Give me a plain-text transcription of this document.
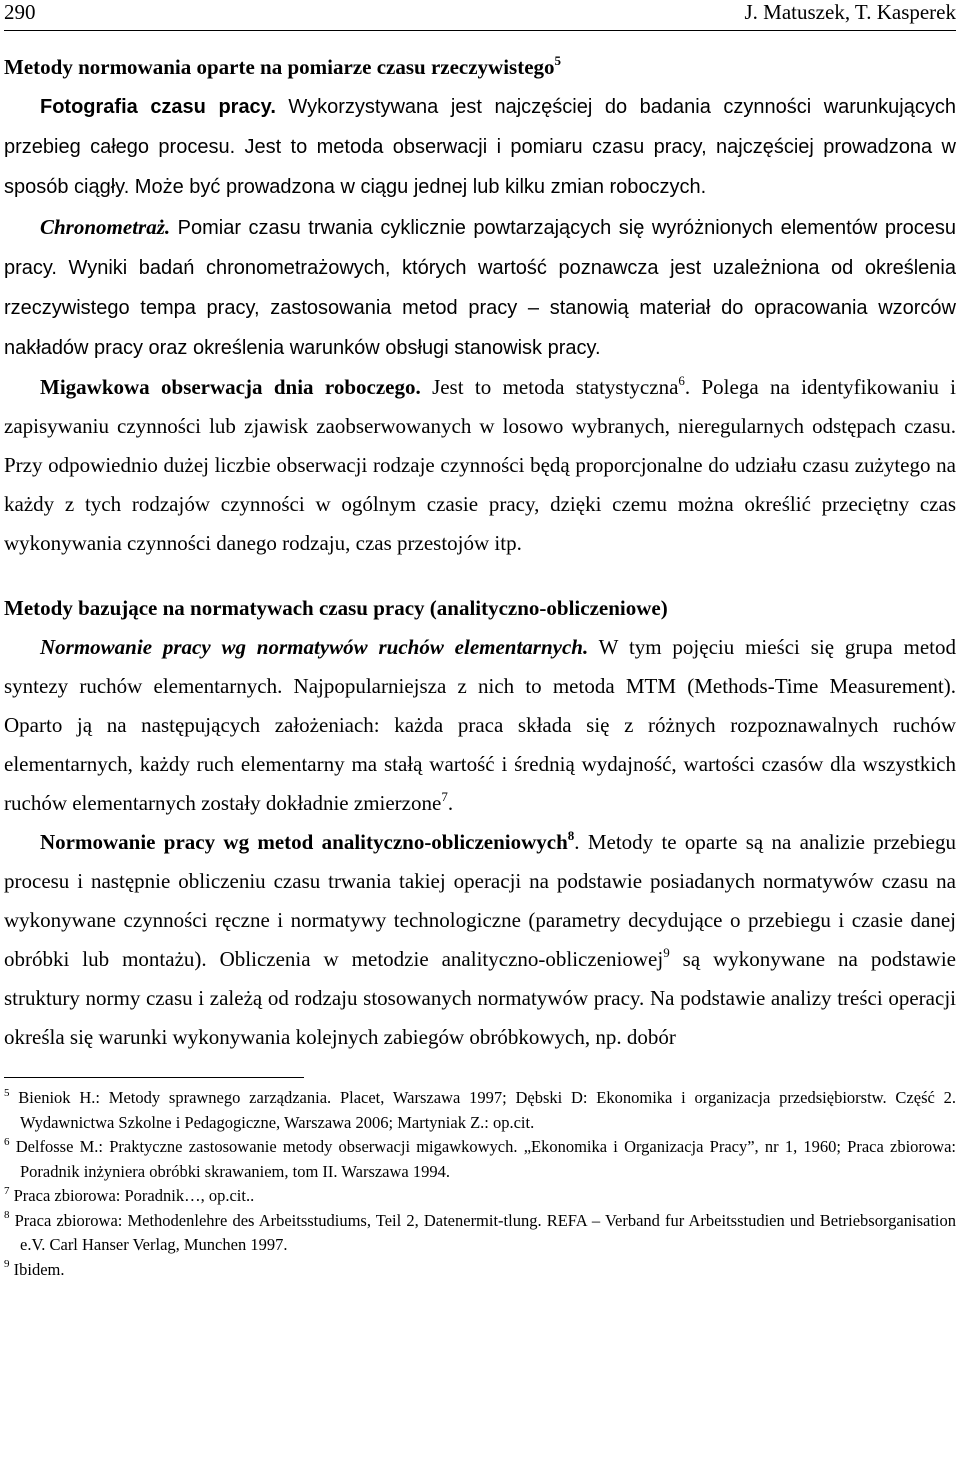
290	J. Matuszek, T. Kasperek
Metody normowania oparte na pomiarze czasu rzeczywistego$^5$

Fotografia czasu pracy. Wykorzystywana jest najczęściej do badania czynności warunkujących przebieg całego procesu. Jest to metoda obserwacji i pomiaru czasu pracy, najczęściej prowadzona w sposób ciągły. Może być prowadzona w ciągu jednej lub kilku zmian roboczych.

Chronometraż. Pomiar czasu trwania cyklicznie powtarzających się wyróżnionych elementów procesu pracy. Wyniki badań chronometrażowych, których wartość poznawcza jest uzależniona od określenia rzeczywistego tempa pracy, zastosowania metod pracy – stanowią materiał do opracowania wzorców nakładów pracy oraz określenia warunków obsługi stanowisk pracy.

Migawkowa obserwacja dnia roboczego. Jest to metoda statystyczna$^6$. Polega na identyfikowaniu i zapisywaniu czynności lub zjawisk zaobserwowanych w losowo wybranych, nieregularnych odstępach czasu. Przy odpowiednio dużej liczbie obserwacji rodzaje czynności będą proporcjonalne do udziału czasu zużytego na każdy z tych rodzajów czynności w ogólnym czasie pracy, dzięki czemu można określić przeciętny czas wykonywania czynności danego rodzaju, czas przestojów itp.

Metody bazujące na normatywach czasu pracy (analityczno-obliczeniowe)

Normowanie pracy wg normatywów ruchów elementarnych. W tym pojęciu mieści się grupa metod syntezy ruchów elementarnych. Najpopularniejsza z nich to metoda MTM (Methods-Time Measurement). Opartо ją na następujących założeniach: każda praca składa się z różnych rozpoznawalnych ruchów elementarnych, każdy ruch elementarny ma stałą wartość i średnią wydajność, wartości czasów dla wszystkich ruchów elementarnych zostały dokładnie zmierzone$^7$.

Normowanie pracy wg metod analityczno-obliczeniowych$^8$. Metody te oparte są na analizie przebiegu procesu i następnie obliczeniu czasu trwania takiej operacji na podstawie posiadanych normatywów czasu na wykonywane czynności ręczne i normatywy technologiczne (parametry decydujące o przebiegu i czasie danej obróbki lub montażu). Obliczenia w metodzie analityczno-obliczeniowej$^9$ są wykonywane na podstawie struktury normy czasu i zależą od rodzaju stosowanych normatywów pracy. Na podstawie analizy treści operacji określa się warunki wykonywania kolejnych zabiegów obróbkowych, np. dobór

$^5$ Bieniok H.: Metody sprawnego zarządzania. Placet, Warszawa 1997; Dębski D: Ekonomika i organizacja przedsiębiorstw. Część 2. Wydawnictwa Szkolne i Pedagogiczne, Warszawa 2006; Martyniak Z.: op.cit.

$^6$ Delfosse M.: Praktyczne zastosowanie metody obserwacji migawkowych. „Ekonomika i Organizacja Pracy”, nr 1, 1960; Praca zbiorowa: Poradnik inżyniera obróbki skrawaniem, tom II. Warszawa 1994.

$^7$ Praca zbiorowa: Poradnik…, op.cit..

$^8$ Praca zbiorowa: Methodenlehre des Arbeitsstudiums, Teil 2, Datenermit-tlung. REFA – Verband fur Arbeitsstudien und Betriebsorganisation e.V. Carl Hanser Verlag, Munchen 1997.

$^9$ Ibidem.
